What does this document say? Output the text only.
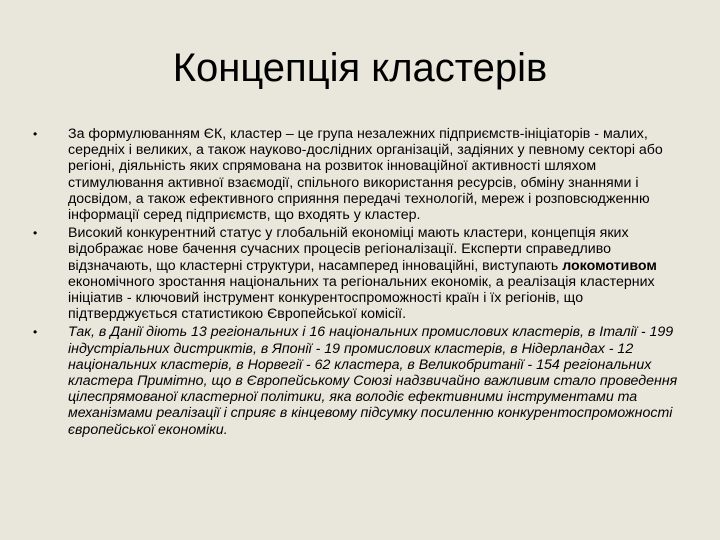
Концепція кластерів
• За формулюванням ЄК, кластер – це група незалежних підприємств-ініціаторів - малих, середніх і великих, а також науково-дослідних організацій, задіяних у певному секторі або регіоні, діяльність яких спрямована на розвиток інноваційної активності шляхом стимулювання активної взаємодії, спільного використання ресурсів, обміну знаннями і досвідом, а також ефективного сприяння передачі технологій, мереж і розповсюдженню інформації серед підприємств, що входять у кластер.
• Високий конкурентний статус у глобальній економіці мають кластери, концепція яких відображає нове бачення сучасних процесів регіоналізації. Експерти справедливо відзначають, що кластерні структури, насамперед інноваційні, виступають локомотивом економічного зростання національних та регіональних економік, а реалізація кластерних ініціатив - ключовий інструмент конкурентоспроможності країн і їх регіонів, що підтверджується статистикою Європейської комісії.
• Так, в Данії діють 13 регіональних і 16 національних промислових кластерів, в Італії - 199 індустріальних дистриктів, в Японії - 19 промислових кластерів, в Нідерландах - 12 національних кластерів, в Норвегії - 62 кластера, в Великобританії - 154 регіональних кластера Примітно, що в Європейському Союзі надзвичайно важливим стало проведення цілеспрямованої кластерної політики, яка володіє ефективними інструментами та механізмами реалізації і сприяє в кінцевому підсумку посиленню конкурентоспроможності європейської економіки.
